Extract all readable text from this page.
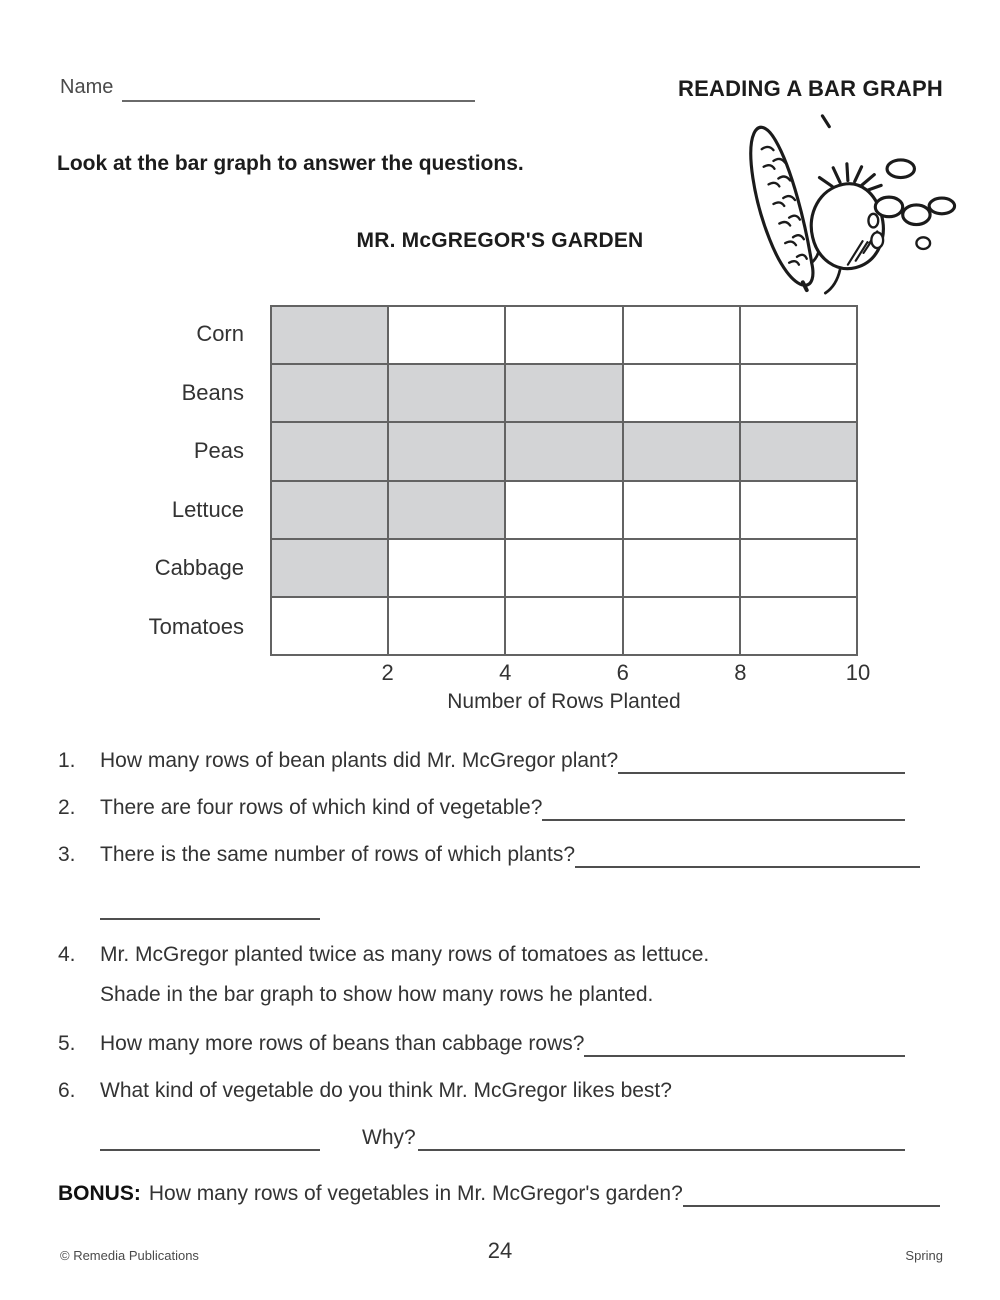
Name	READING A BAR GRAPH
Look at the bar graph to answer the questions.
MR. McGREGOR'S GARDEN
Corn
Beans
Peas
Lettuce
Cabbage
Tomatoes
2	4	6	8	10
Number of Rows Planted
1.	How many rows of bean plants did Mr. McGregor plant?
2.	There are four rows of which kind of vegetable?
3.	There is the same number of rows of which plants?
4.	Mr. McGregor planted twice as many rows of tomatoes as lettuce.
Shade in the bar graph to show how many rows he planted.
5.	How many more rows of beans than cabbage rows?
6.	What kind of vegetable do you think Mr. McGregor likes best?
Why?
BONUS: How many rows of vegetables in Mr. McGregor's garden?
© Remedia Publications	24	Spring
